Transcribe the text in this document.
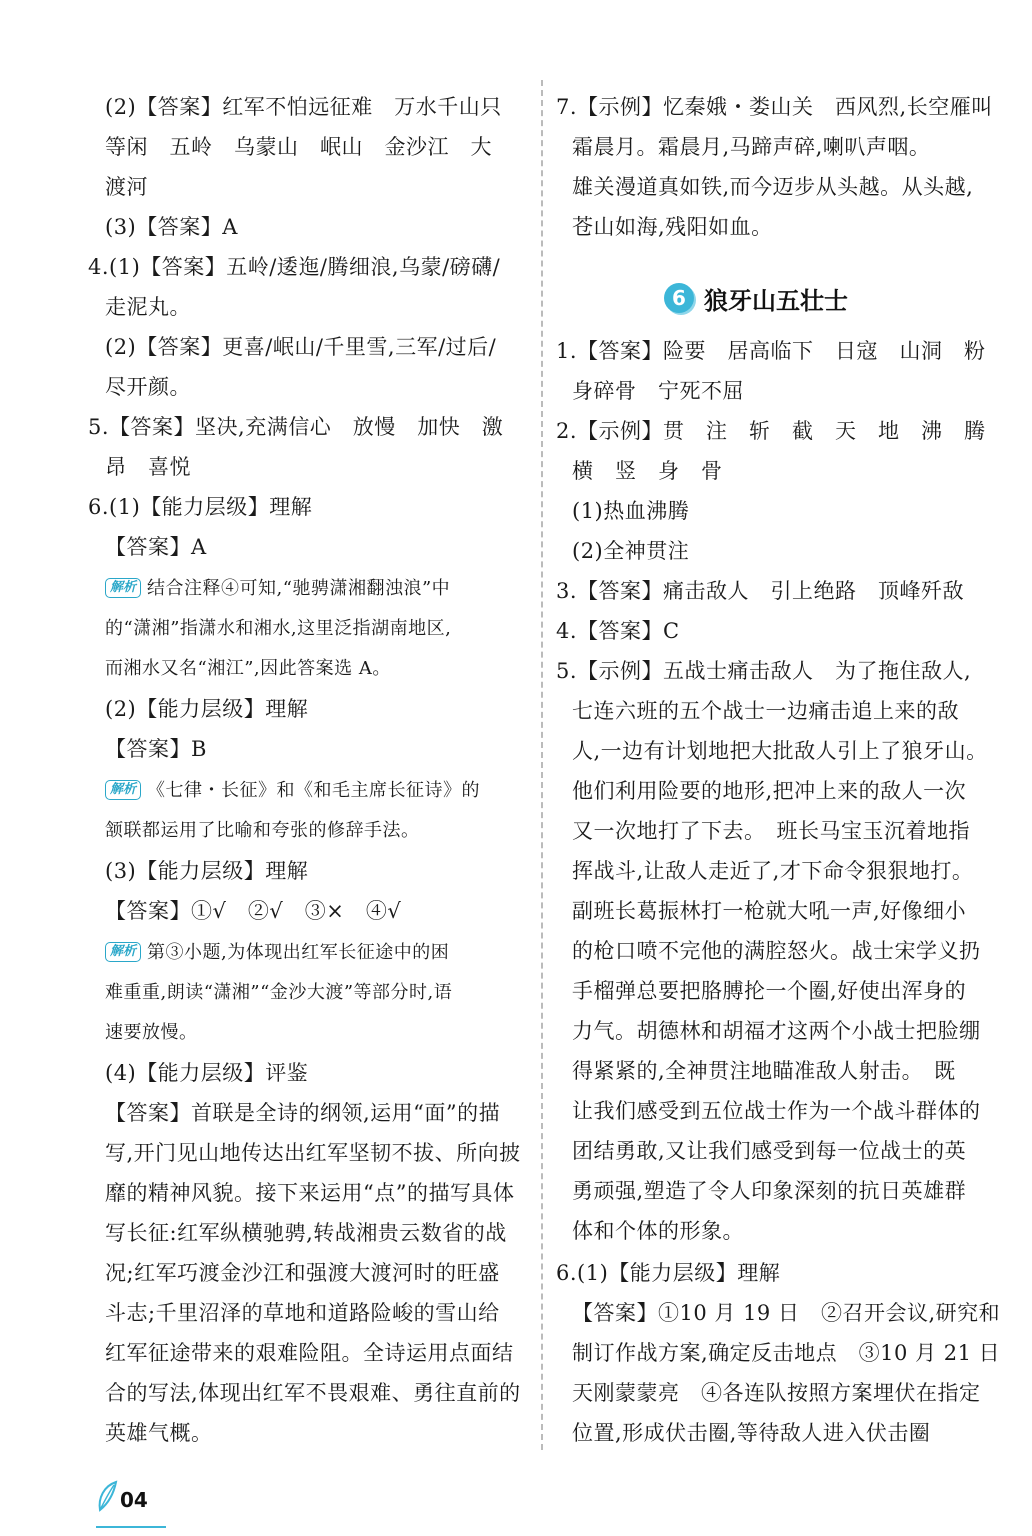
6 狼牙山五壮士
04
(2)【答案】红军不怕远征难　万水千山只
等闲　五岭　乌蒙山　岷山　金沙江　大
渡河
(3)【答案】A
4.(1)【答案】五岭/逶迤/腾细浪,乌蒙/磅礴/
走泥丸。
(2)【答案】更喜/岷山/千里雪,三军/过后/
尽开颜。
5.【答案】坚决,充满信心　放慢　加快　激
昂　喜悦
6.(1)【能力层级】理解
【答案】A
解析 结合注释④可知,“驰骋潇湘翻浊浪”中
的“潇湘”指潇水和湘水,这里泛指湖南地区,
而湘水又名“湘江”,因此答案选 A。
(2)【能力层级】理解
【答案】B
解析 《七律・长征》和《和毛主席长征诗》的
颔联都运用了比喻和夸张的修辞手法。
(3)【能力层级】理解
【答案】①√　②√　③×　④√
解析 第③小题,为体现出红军长征途中的困
难重重,朗读“潇湘”“金沙大渡”等部分时,语
速要放慢。
(4)【能力层级】评鉴
【答案】首联是全诗的纲领,运用“面”的描
写,开门见山地传达出红军坚韧不拔、所向披
靡的精神风貌。接下来运用“点”的描写具体
写长征:红军纵横驰骋,转战湘贵云数省的战
况;红军巧渡金沙江和强渡大渡河时的旺盛
斗志;千里沼泽的草地和道路险峻的雪山给
红军征途带来的艰难险阻。全诗运用点面结
合的写法,体现出红军不畏艰难、勇往直前的
英雄气概。
7.【示例】忆秦娥・娄山关　西风烈,长空雁叫
霜晨月。霜晨月,马蹄声碎,喇叭声咽。
雄关漫道真如铁,而今迈步从头越。从头越,
苍山如海,残阳如血。
1.【答案】险要　居高临下　日寇　山洞　粉
身碎骨　宁死不屈
2.【示例】贯　注　斩　截　天　地　沸　腾
横　竖　身　骨
(1)热血沸腾
(2)全神贯注
3.【答案】痛击敌人　引上绝路　顶峰歼敌
4.【答案】C
5.【示例】五战士痛击敌人　为了拖住敌人,
七连六班的五个战士一边痛击追上来的敌
人,一边有计划地把大批敌人引上了狼牙山。
他们利用险要的地形,把冲上来的敌人一次
又一次地打了下去。　班长马宝玉沉着地指
挥战斗,让敌人走近了,才下命令狠狠地打。
副班长葛振林打一枪就大吼一声,好像细小
的枪口喷不完他的满腔怒火。战士宋学义扔
手榴弹总要把胳膊抡一个圈,好使出浑身的
力气。胡德林和胡福才这两个小战士把脸绷
得紧紧的,全神贯注地瞄准敌人射击。　既
让我们感受到五位战士作为一个战斗群体的
团结勇敢,又让我们感受到每一位战士的英
勇顽强,塑造了令人印象深刻的抗日英雄群
体和个体的形象。
6.(1)【能力层级】理解
【答案】①10 月 19 日　②召开会议,研究和
制订作战方案,确定反击地点　③10 月 21 日
天刚蒙蒙亮　④各连队按照方案埋伏在指定
位置,形成伏击圈,等待敌人进入伏击圈
